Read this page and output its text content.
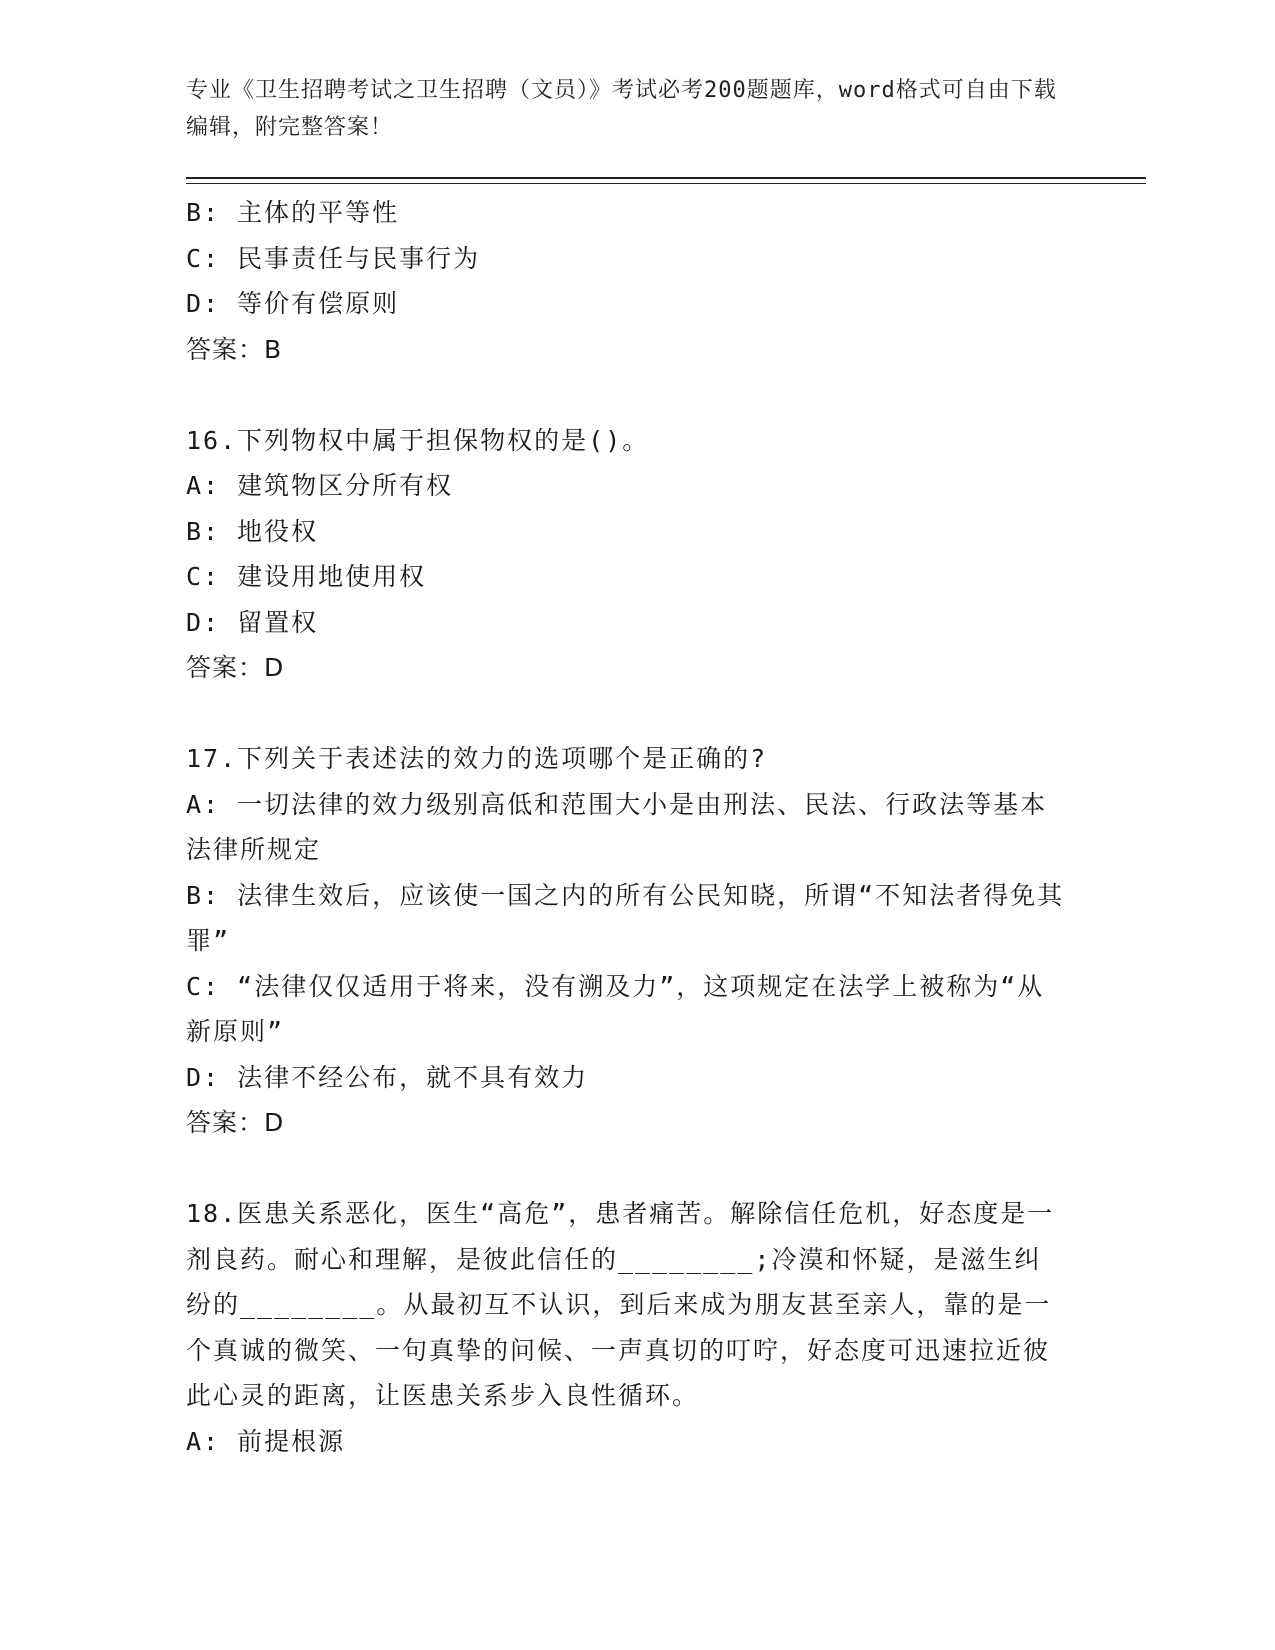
专业《卫生招聘考试之卫生招聘（文员）》考试必考200题题库，word格式可自由下载编辑，附完整答案！

B: 主体的平等性

C: 民事责任与民事行为

D: 等价有偿原则

答案：B

16.下列物权中属于担保物权的是()。

A: 建筑物区分所有权

B: 地役权

C: 建设用地使用权

D: 留置权

答案：D

17.下列关于表述法的效力的选项哪个是正确的?

A: 一切法律的效力级别高低和范围大小是由刑法、民法、行政法等基本法律所规定

B: 法律生效后，应该使一国之内的所有公民知晓，所谓“不知法者得免其罪”

C: “法律仅仅适用于将来，没有溯及力”，这项规定在法学上被称为“从新原则”

D: 法律不经公布，就不具有效力

答案：D

18.医患关系恶化，医生“高危”，患者痛苦。解除信任危机，好态度是一剂良药。耐心和理解，是彼此信任的________;冷漠和怀疑，是滋生纠纷的________。从最初互不认识，到后来成为朋友甚至亲人，靠的是一个真诚的微笑、一句真挚的问候、一声真切的叮咛，好态度可迅速拉近彼此心灵的距离，让医患关系步入良性循环。

A: 前提根源
